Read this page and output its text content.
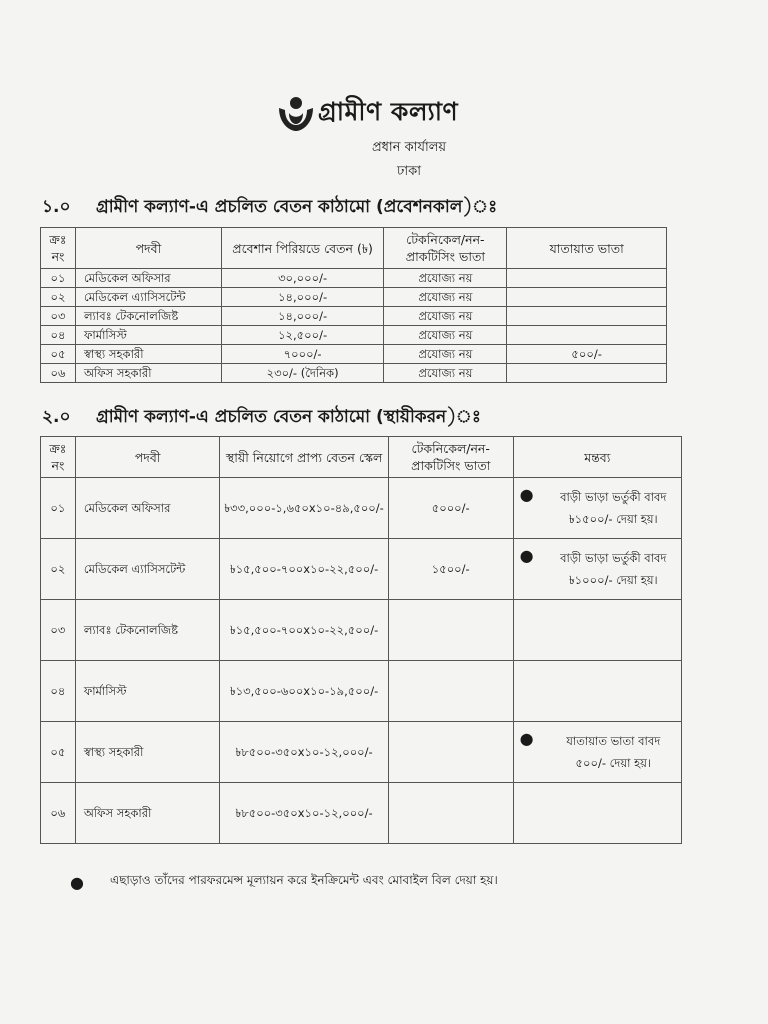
গ্রামীণ কল্যাণ
প্রধান কার্যালয়
ঢাকা
১.০ গ্রামীণ কল্যাণ-এ প্রচলিত বেতন কাঠামো (প্রবেশনকাল)ঃ
ক্রঃ নং	পদবী	প্রবেশান পিরিয়ডে বেতন (৳)	টেকনিকেল/নন-প্রাকটিসিং ভাতা	যাতায়াত ভাতা
০১	মেডিকেল অফিসার	৩০,০০০/-	প্রযোজ্য নয়	
০২	মেডিকেল এ্যাসিসটেন্ট	১৪,০০০/-	প্রযোজ্য নয়	
০৩	ল্যাবঃ টেকনোলজিষ্ট	১৪,০০০/-	প্রযোজ্য নয়	
০৪	ফার্মাসিস্ট	১২,৫০০/-	প্রযোজ্য নয়	
০৫	স্বাস্থ্য সহকারী	৭০০০/-	প্রযোজ্য নয়	৫০০/-
০৬	অফিস সহকারী	২৩০/- (দৈনিক)	প্রযোজ্য নয়	
২.০ গ্রামীণ কল্যাণ-এ প্রচলিত বেতন কাঠামো (স্থায়ীকরন)ঃ
ক্রঃ নং	পদবী	স্থায়ী নিয়োগে প্রাপ্য বেতন স্কেল	টেকনিকেল/নন-প্রাকটিসিং ভাতা	মন্তব্য
০১	মেডিকেল অফিসার	৳৩৩,০০০-১,৬৫০x১০-৪৯,৫০০/-	৫০০০/-	● বাড়ী ভাড়া ভর্তুকী বাবদ ৳১৫০০/- দেয়া হয়।

০২	মেডিকেল এ্যাসিসটেন্ট	৳১৫,৫০০-৭০০x১০-২২,৫০০/-	১৫০০/-	● বাড়ী ভাড়া ভর্তুকী বাবদ ৳১০০০/- দেয়া হয়।

০৩	ল্যাবঃ টেকনোলজিষ্ট	৳১৫,৫০০-৭০০x১০-২২,৫০০/-		
০৪	ফার্মাসিস্ট	৳১৩,৫০০-৬০০x১০-১৯,৫০০/-		
০৫	স্বাস্থ্য সহকারী	৳৮৫০০-৩৫০x১০-১২,০০০/-		● যাতায়াত ভাতা বাবদ ৫০০/- দেয়া হয়।

০৬	অফিস সহকারী	৳৮৫০০-৩৫০x১০-১২,০০০/-		
● এছাড়াও তাঁদের পারফরমেন্স মূল্যায়ন করে ইনক্রিমেন্ট এবং মোবাইল বিল দেয়া হয়।
